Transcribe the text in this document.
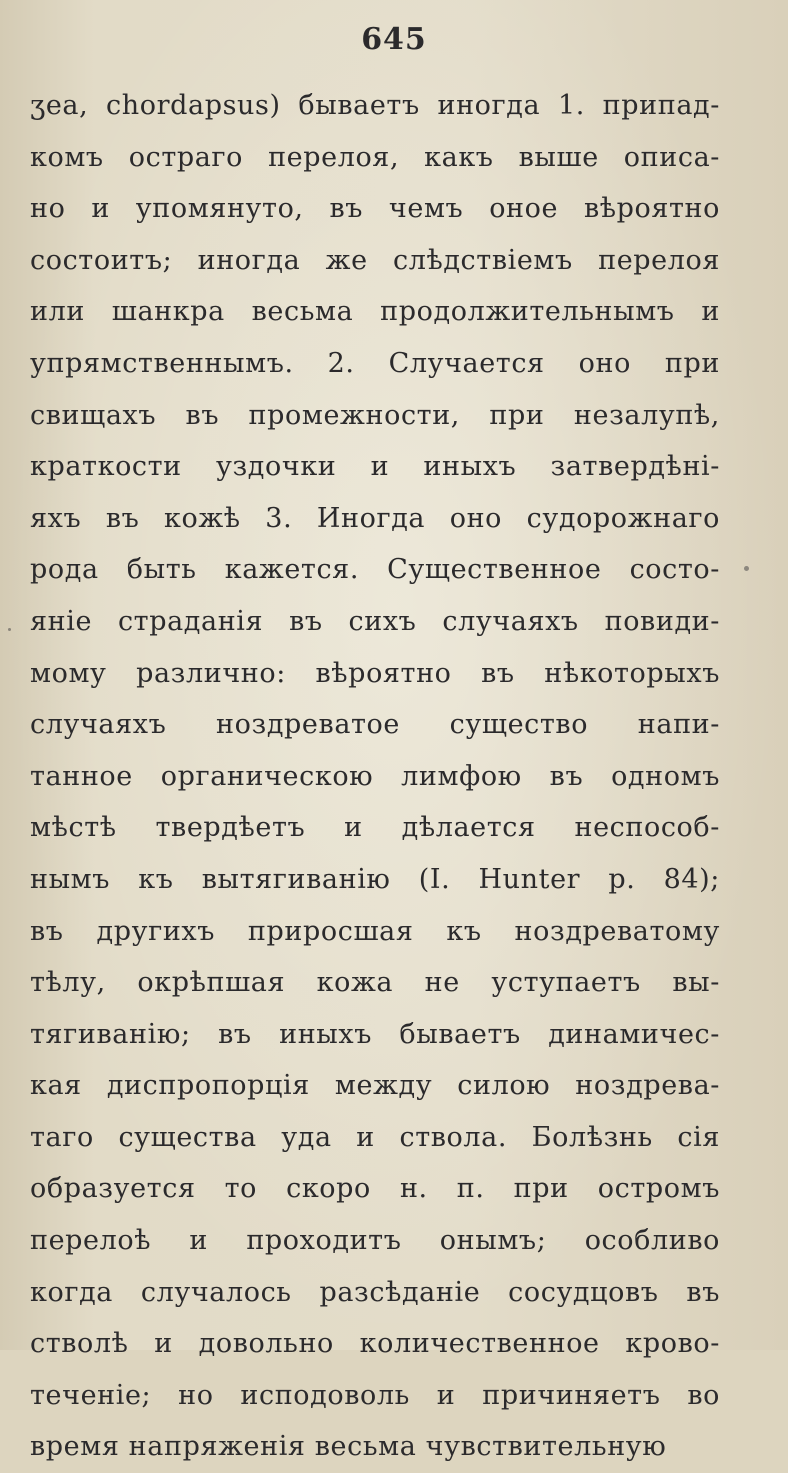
645
ʒea, chordapsus) бываетъ иногда 1. припад-
комъ остраго перелоя, какъ выше описа-
но и упомянуто, въ чемъ оное вѣроятно
состоитъ; иногда же слѣдствіемъ перелоя
или шанкра весьма продолжительнымъ и
упрямственнымъ. 2. Случается оно при
свищахъ въ промежности, при незалупѣ,
краткости уздочки и иныхъ затвердѣні-
яхъ въ кожѣ 3. Иногда оно судорожнаго
рода быть кажется. Существенное состо-
яніе страданія въ сихъ случаяхъ повиди-
мому различно: вѣроятно въ нѣкоторыхъ
случаяхъ ноздреватое существо напи-
танное органическою лимфою въ одномъ
мѣстѣ твердѣетъ и дѣлается неспособ-
нымъ къ вытягиванію (I. Hunter p. 84);
въ другихъ приросшая къ ноздреватому
тѣлу, окрѣпшая кожа не уступаетъ вы-
тягиванію; въ иныхъ бываетъ динамичес-
кая диспропорція между силою ноздрева-
таго существа уда и ствола. Болѣзнь сія
образуется то скоро н. п. при остромъ
перелоѣ и проходитъ онымъ; особливо
когда случалось разсѣданіе сосудцовъ въ
стволѣ и довольно количественное крово-
теченіе; но исподоволь и причиняетъ во
время напряженія весьма чувствительную
